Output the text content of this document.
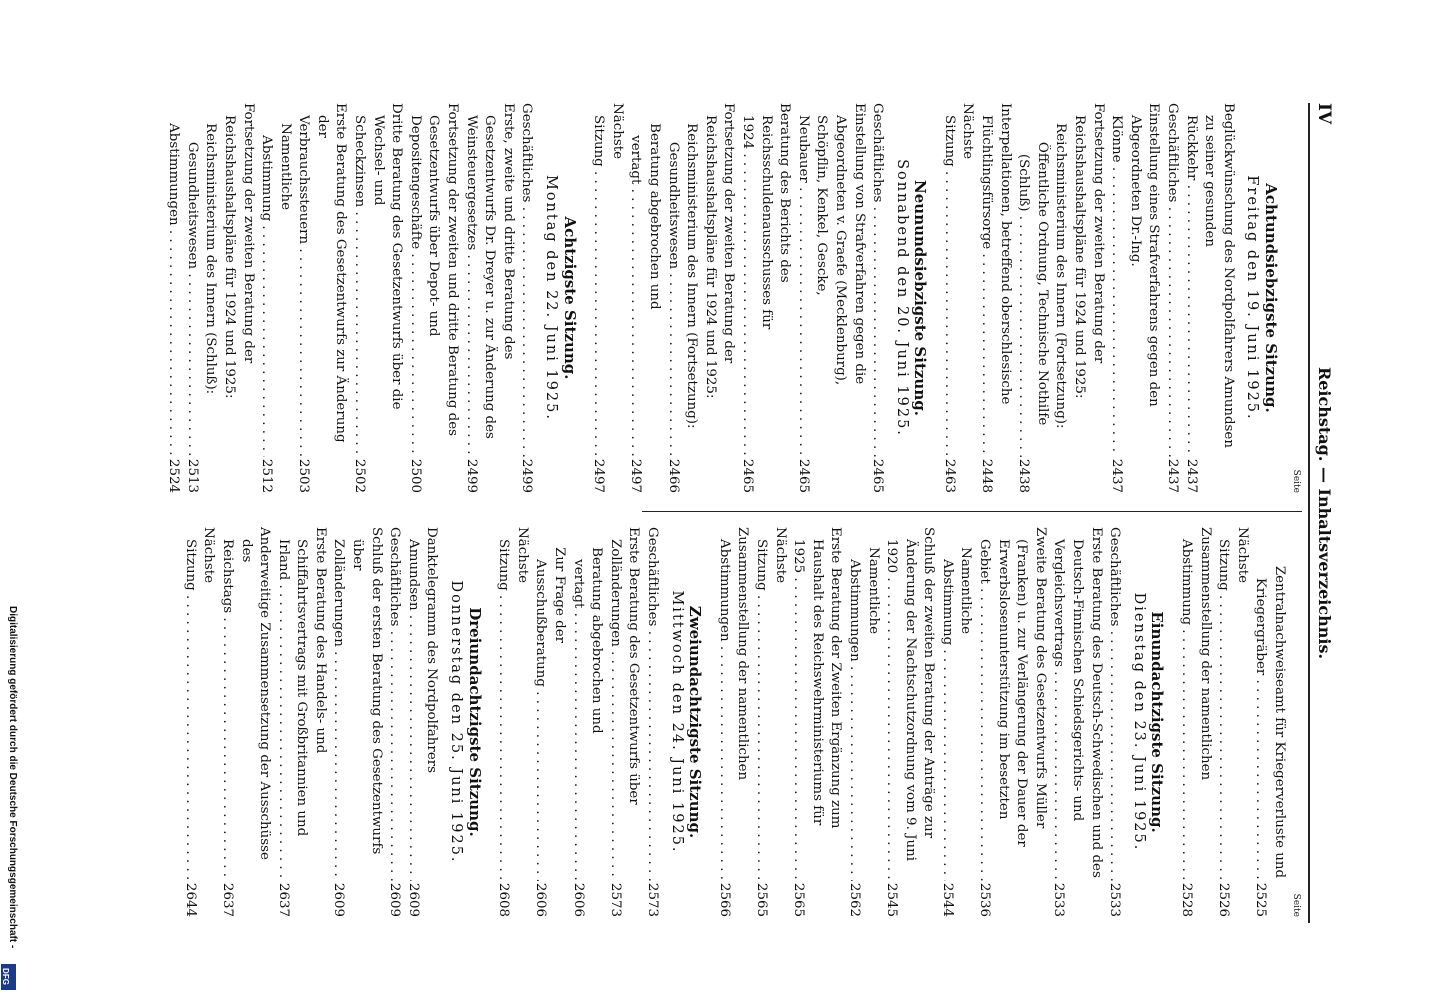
Digitalisierung gefördert durch die Deutsche Forschungsgemeinschaft -
DFG
IV
Reichstag. — Inhaltsverzeichnis.
Seite
Achtundsiebzigste Sitzung.
Freitag den 19. Juni 1925.
Beglückwünschung des Nordpolfahrers Amundsen zu seiner gesunden Rückkehr . . .
2437
Geschäftliches . . .
2437
Einstellung eines Strafverfahrens gegen den Abgeordneten Dr.-Ing. Klönne . . .
2437
Fortsetzung der zweiten Beratung der Reichshaushaltspläne für 1924 und 1925:
Reichsministerium des Innern (Fortsetzung):
Öffentliche Ordnung, Technische Nothilfe (Schluß) . . .
2438
Interpellationen, betreffend oberschlesische Flüchtlingsfürsorge . . .
2448
Nächste Sitzung . . .
2463
Neunundsiebzigste Sitzung.
Sonnabend den 20. Juni 1925.
Geschäftliches . . .
2465
Einstellung von Strafverfahren gegen die Abgeordneten v. Graefe (Mecklenburg), Schöpflin, Kenkel, Gescke, Neubauer . . .
2465
Beratung des Berichts des Reichsschuldenausschusses für 1924 . . .
2465
Fortsetzung der zweiten Beratung der Reichshaushaltspläne für 1924 und 1925:
Reichsministerium des Innern (Fortsetzung):
Gesundheitswesen . . .
2466
Beratung abgebrochen und vertagt . . .
2497
Nächste Sitzung . . .
2497
Achtzigste Sitzung.
Montag den 22. Juni 1925.
Geschäftliches . . .
2499
Erste, zweite und dritte Beratung des Gesetzentwurfs Dr. Dreyer u. zur Änderung des Weinsteuergesetzes . . .
2499
Fortsetzung der zweiten und dritte Beratung des Gesetzentwurfs über Depot- und Depositengeschäfte . . .
2500
Dritte Beratung des Gesetzentwurfs über die Wechsel- und Scheckzinsen . . .
2502
Erste Beratung des Gesetzentwurfs zur Änderung der Verbrauchssteuern . . .
2503
Namentliche Abstimmung . . .
2512
Fortsetzung der zweiten Beratung der Reichshaushaltspläne für 1924 und 1925:
Reichsministerium des Innern (Schluß):
Gesundheitswesen . . .
2513
Abstimmungen . . .
2524
Seite
Zentralnachweiseamt für Kriegerverluste und Kriegergräber . . .
2525
Nächste Sitzung . . .
2526
Zusammenstellung der namentlichen Abstimmung . . .
2528
Einundachtzigste Sitzung.
Dienstag den 23. Juni 1925.
Geschäftliches . . .
2533
Erste Beratung des Deutsch-Schwedischen und des Deutsch-Finnischen Schiedsgerichts- und Vergleichsvertrags . . .
2533
Zweite Beratung des Gesetzentwurfs Müller (Franken) u. zur Verlängerung der Dauer der Erwerbslosenunterstützung im besetzten Gebiet . . .
2536
Namentliche Abstimmung . . .
2544
Schluß der zweiten Beratung der Anträge zur Änderung der Nachtschutzordnung vom 9. Juni 1920 . . .
2545
Namentliche Abstimmungen . . .
2562
Erste Beratung der Zweiten Ergänzung zum Haushalt des Reichswehrministeriums für 1925 . . .
2565
Nächste Sitzung . . .
2565
Zusammenstellung der namentlichen Abstimmungen . . .
2566
Zweiundachtzigste Sitzung.
Mittwoch den 24. Juni 1925.
Geschäftliches . . .
2573
Erste Beratung des Gesetzentwurfs über Zolländerungen . . .
2573
Beratung abgebrochen und vertagt . . .
2606
Zur Frage der Ausschußberatung . . .
2606
Nächste Sitzung . . .
2608
Dreiundachtzigste Sitzung.
Donnerstag den 25. Juni 1925.
Danktelegramm des Nordpolfahrers Amundsen . . .
2609
Geschäftliches . . .
2609
Schluß der ersten Beratung des Gesetzentwurfs über Zolländerungen . . .
2609
Erste Beratung des Handels- und Schiffahrtsvertrags mit Großbritannien und Irland . . .
2637
Anderweitige Zusammensetzung der Ausschüsse des Reichstags . . .
2637
Nächste Sitzung . . .
2644
